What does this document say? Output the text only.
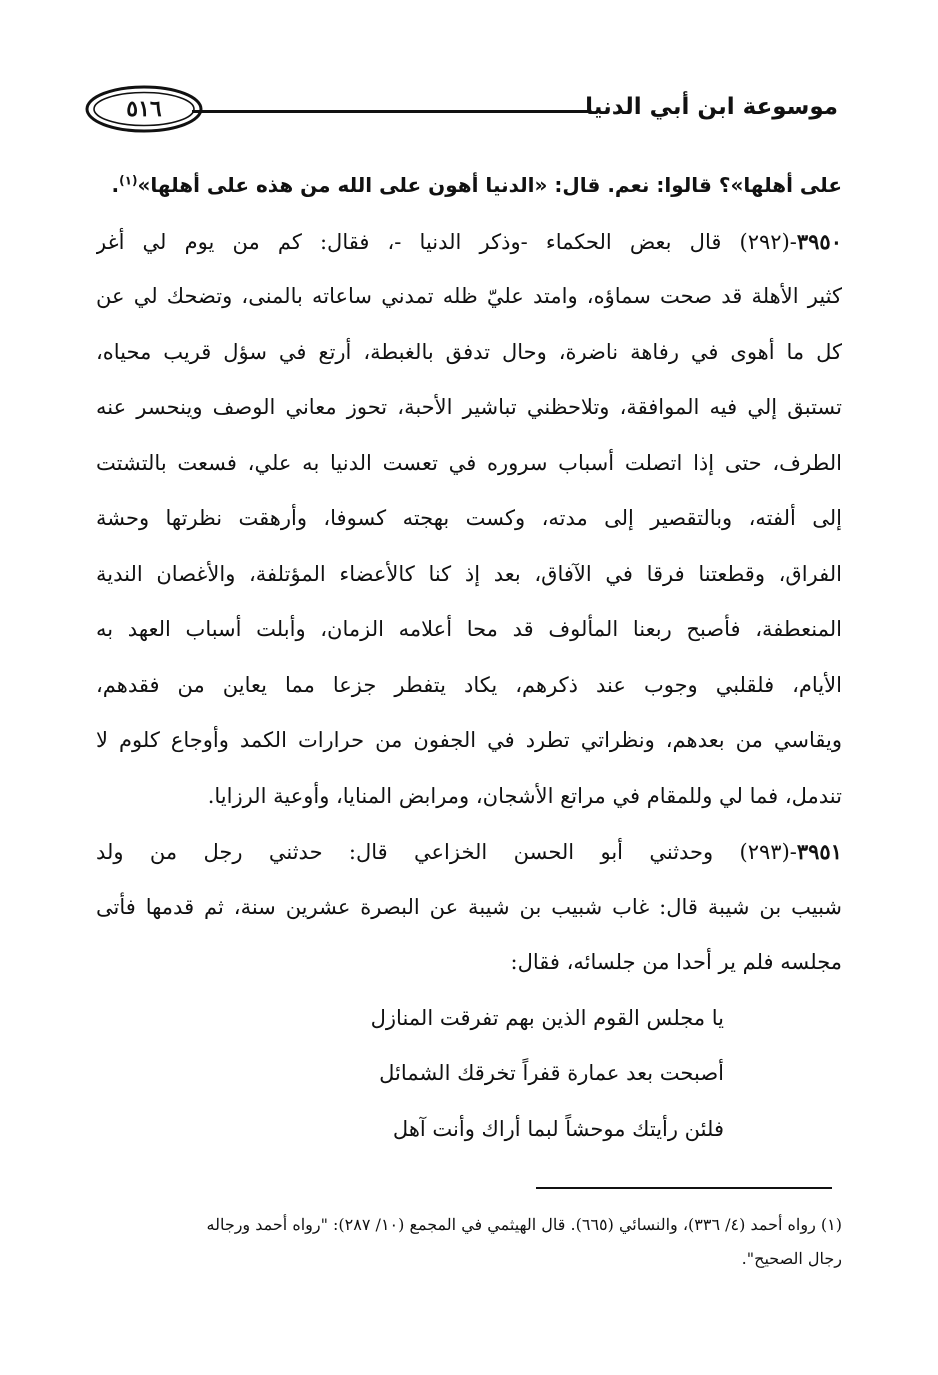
موسوعة ابن أبي الدنيا
٥١٦
على أهلها»؟ قالوا: نعم. قال: «الدنيا أهون على الله من هذه على أهلها»$^{(١)}$.
٣٩٥٠-(٢٩٢) قال بعض الحكماء -وذكر الدنيا -، فقال: كم من يوم لي أغر
كثير الأهلة قد صحت سماؤه، وامتد عليّ ظله تمدني ساعاته بالمنى، وتضحك لي عن
كل ما أهوى في رفاهة ناضرة، وحال تدفق بالغبطة، أرتع في سؤل قريب محياه،
تستبق إلي فيه الموافقة، وتلاحظني تباشير الأحبة، تحوز معاني الوصف وينحسر عنه
الطرف، حتى إذا اتصلت أسباب سروره في تعست الدنيا به علي، فسعت بالتشتت
إلى ألفته، وبالتقصير إلى مدته، وكست بهجته كسوفا، وأرهقت نظرتها وحشة
الفراق، وقطعتنا فرقا في الآفاق، بعد إذ كنا كالأعضاء المؤتلفة، والأغصان الندية
المنعطفة، فأصبح ربعنا المألوف قد محا أعلامه الزمان، وأبلت أسباب العهد به
الأيام، فلقلبي وجوب عند ذكرهم، يكاد يتفطر جزعا مما يعاين من فقدهم،
ويقاسي من بعدهم، ونظراتي تطرد في الجفون من حرارات الكمد وأوجاع كلوم لا
تندمل، فما لي وللمقام في مراتع الأشجان، ومرابض المنايا، وأوعية الرزايا.
٣٩٥١-(٢٩٣) وحدثني أبو الحسن الخزاعي قال: حدثني رجل من ولد
شبيب بن شيبة قال: غاب شبيب بن شيبة عن البصرة عشرين سنة، ثم قدمها فأتى
مجلسه فلم ير أحدا من جلسائه، فقال:
يا مجلس القوم الذين بهم تفرقت المنازل
أصبحت بعد عمارة قفراً تخرقك الشمائل
فلئن رأيتك موحشاً لبما أراك وأنت آهل
(١) رواه أحمد (٤/ ٣٣٦)، والنسائي (٦٦٥). قال الهيثمي في المجمع (١٠/ ٢٨٧): "رواه أحمد ورجاله
رجال الصحيح".
